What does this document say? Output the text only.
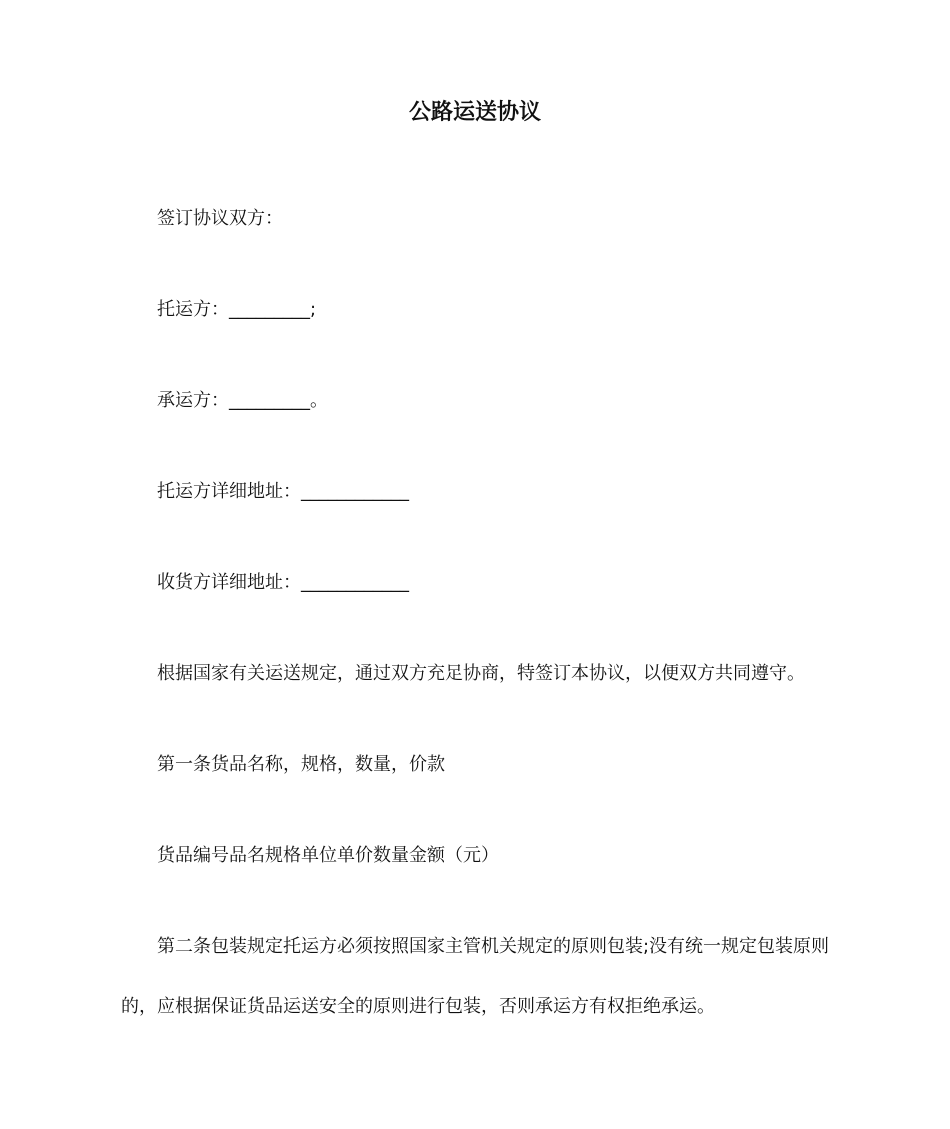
公路运送协议

签订协议双方：

托运方：_________;

承运方：_________。

托运方详细地址：____________

收货方详细地址：____________

根据国家有关运送规定，通过双方充足协商，特签订本协议，以便双方共同遵守。

第一条货品名称，规格，数量，价款

货品编号品名规格单位单价数量金额（元）

第二条包装规定托运方必须按照国家主管机关规定的原则包装;没有统一规定包装原则的，应根据保证货品运送安全的原则进行包装，否则承运方有权拒绝承运。
